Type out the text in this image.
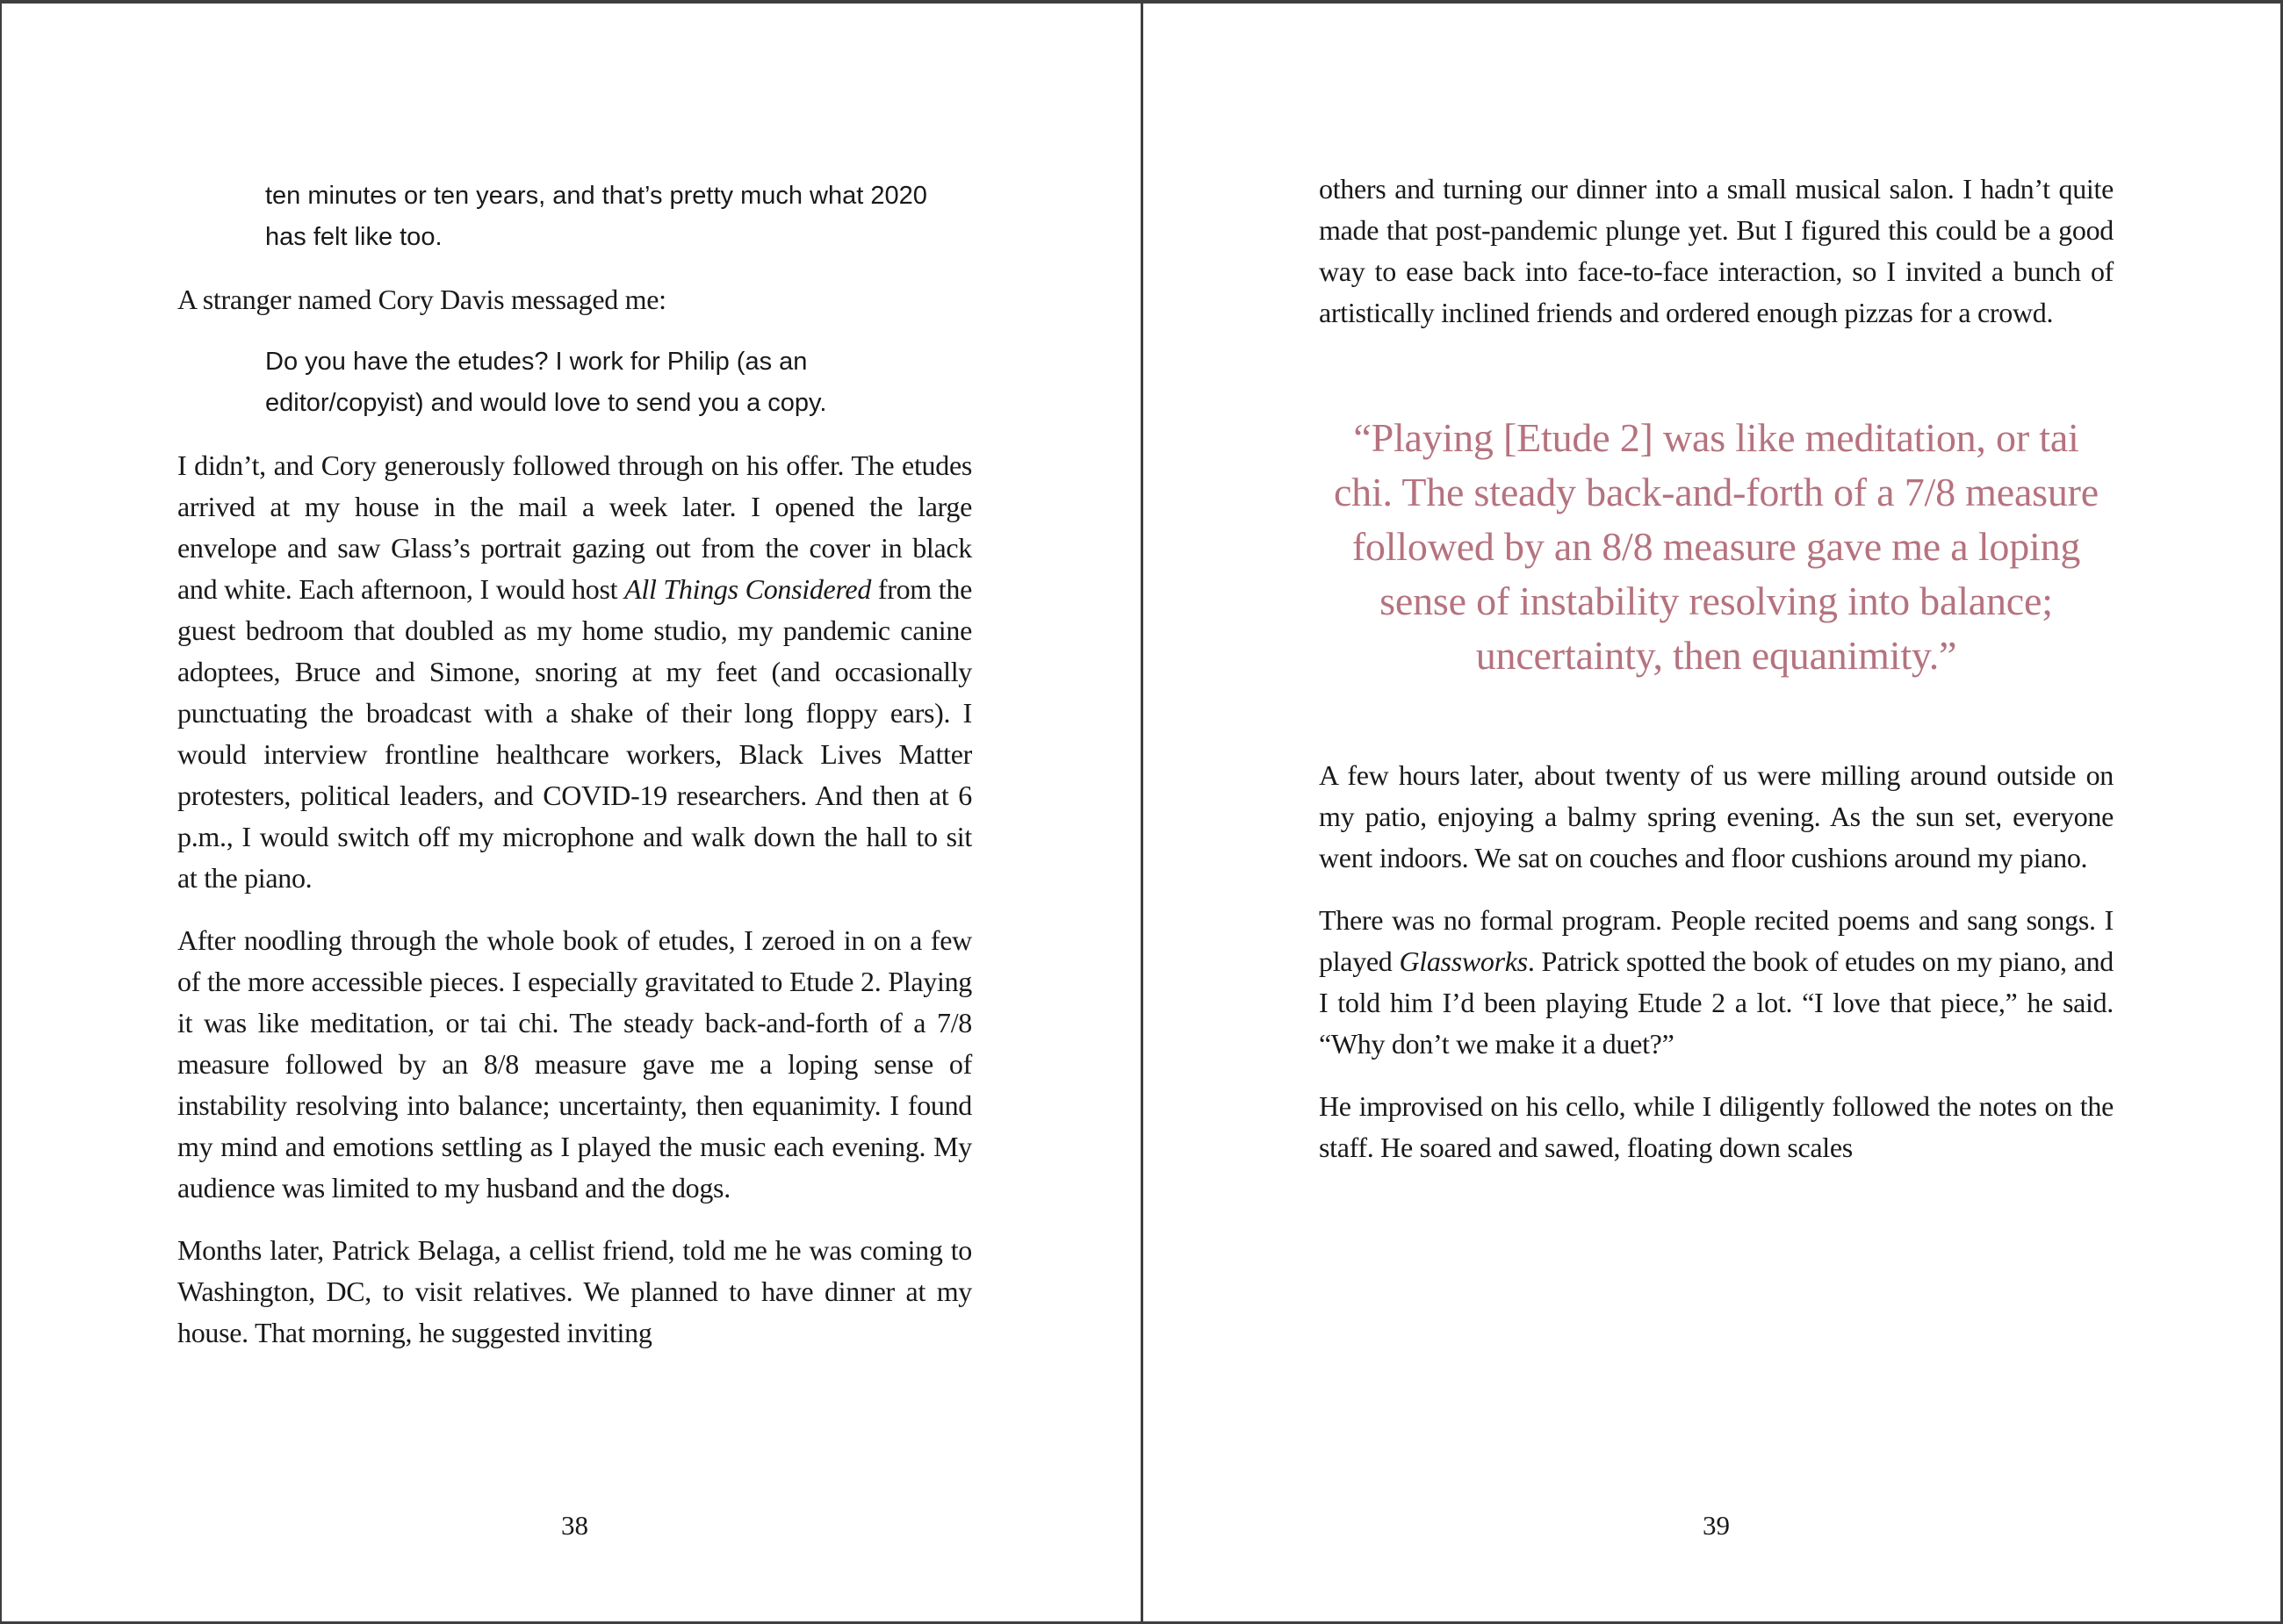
ten minutes or ten years, and that’s pretty much what 2020 has felt like too.

A stranger named Cory Davis messaged me:

Do you have the etudes? I work for Philip (as an editor/copyist) and would love to send you a copy.

I didn’t, and Cory generously followed through on his offer. The etudes arrived at my house in the mail a week later. I opened the large envelope and saw Glass’s portrait gazing out from the cover in black and white. Each afternoon, I would host All Things Considered from the guest bedroom that doubled as my home studio, my pandemic canine adoptees, Bruce and Simone, snoring at my feet (and occasionally punctuating the broadcast with a shake of their long floppy ears). I would interview frontline healthcare workers, Black Lives Matter protesters, political leaders, and COVID-19 researchers. And then at 6 p.m., I would switch off my microphone and walk down the hall to sit at the piano.

After noodling through the whole book of etudes, I zeroed in on a few of the more accessible pieces. I especially gravitated to Etude 2. Playing it was like meditation, or tai chi. The steady back-and-forth of a 7/8 measure followed by an 8/8 measure gave me a loping sense of instability resolving into balance; uncertainty, then equanimity. I found my mind and emotions settling as I played the music each evening. My audience was limited to my husband and the dogs.

Months later, Patrick Belaga, a cellist friend, told me he was coming to Washington, DC, to visit relatives. We planned to have dinner at my house. That morning, he suggested inviting

38

others and turning our dinner into a small musical salon. I hadn’t quite made that post-pandemic plunge yet. But I figured this could be a good way to ease back into face-to-face interaction, so I invited a bunch of artistically inclined friends and ordered enough pizzas for a crowd.

“Playing [Etude 2] was like meditation, or tai chi. The steady back-and-forth of a 7/8 measure followed by an 8/8 measure gave me a loping sense of instability resolving into balance; uncertainty, then equanimity.”

A few hours later, about twenty of us were milling around outside on my patio, enjoying a balmy spring evening. As the sun set, everyone went indoors. We sat on couches and floor cushions around my piano.

There was no formal program. People recited poems and sang songs. I played Glassworks. Patrick spotted the book of etudes on my piano, and I told him I’d been playing Etude 2 a lot. “I love that piece,” he said. “Why don’t we make it a duet?”

He improvised on his cello, while I diligently followed the notes on the staff. He soared and sawed, floating down scales

39
